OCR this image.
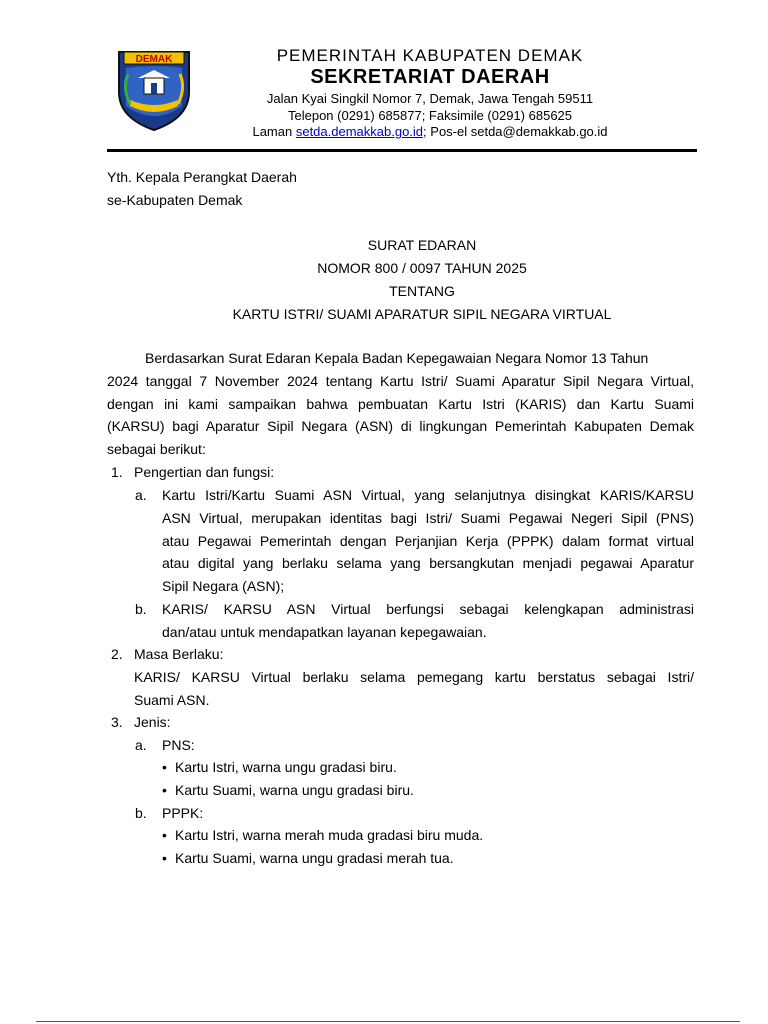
DEMAK	PEMERINTAH KABUPATEN DEMAK
SEKRETARIAT DAERAH
Jalan Kyai Singkil Nomor 7, Demak, Jawa Tengah 59511
Telepon (0291) 685877; Faksimile (0291) 685625
Laman setda.demakkab.go.id; Pos-el setda@demakkab.go.id
Yth. Kepala Perangkat Daerah
se-Kabupaten Demak
SURAT EDARAN
NOMOR 800 / 0097 TAHUN 2025
TENTANG
KARTU ISTRI/ SUAMI APARATUR SIPIL NEGARA VIRTUAL
Berdasarkan Surat Edaran Kepala Badan Kepegawaian Negara Nomor 13 Tahun
2024 tanggal 7 November 2024 tentang Kartu Istri/ Suami Aparatur Sipil Negara Virtual,
dengan ini kami sampaikan bahwa pembuatan Kartu Istri (KARIS) dan Kartu Suami
(KARSU) bagi Aparatur Sipil Negara (ASN) di lingkungan Pemerintah Kabupaten Demak
sebagai berikut:
1. Pengertian dan fungsi:
a. Kartu Istri/Kartu Suami ASN Virtual, yang selanjutnya disingkat KARIS/KARSU
ASN Virtual, merupakan identitas bagi Istri/ Suami Pegawai Negeri Sipil (PNS)
atau Pegawai Pemerintah dengan Perjanjian Kerja (PPPK) dalam format virtual
atau digital yang berlaku selama yang bersangkutan menjadi pegawai Aparatur
Sipil Negara (ASN);
b. KARIS/ KARSU ASN Virtual berfungsi sebagai kelengkapan administrasi
dan/atau untuk mendapatkan layanan kepegawaian.
2. Masa Berlaku:
KARIS/ KARSU Virtual berlaku selama pemegang kartu berstatus sebagai Istri/
Suami ASN.
3. Jenis:
a. PNS:
• Kartu Istri, warna ungu gradasi biru.
• Kartu Suami, warna ungu gradasi biru.
b. PPPK:
• Kartu Istri, warna merah muda gradasi biru muda.
• Kartu Suami, warna ungu gradasi merah tua.
